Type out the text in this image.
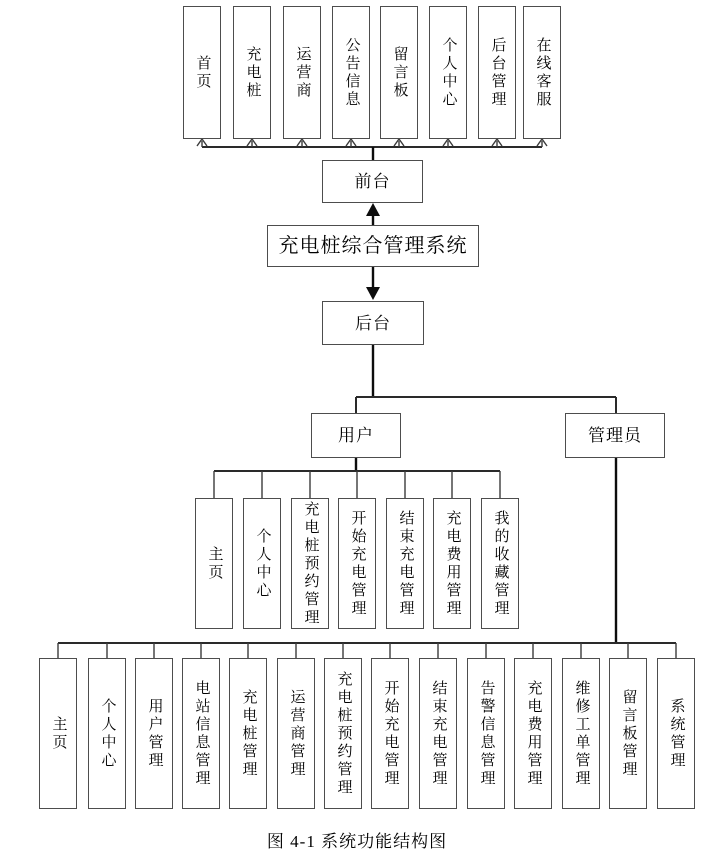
首页	充电桩	运营商	公告信息	留言板	个人中心	后台管理	在线客服
前台
充电桩综合管理系统
后台
用户	管理员
主页	个人中心	充电桩预约管理	开始充电管理	结束充电管理	充电费用管理	我的收藏管理
主页	个人中心	用户管理	电站信息管理	充电桩管理	运营商管理	充电桩预约管理	开始充电管理	结束充电管理	告警信息管理	充电费用管理	维修工单管理	留言板管理	系统管理
图 4-1 系统功能结构图
